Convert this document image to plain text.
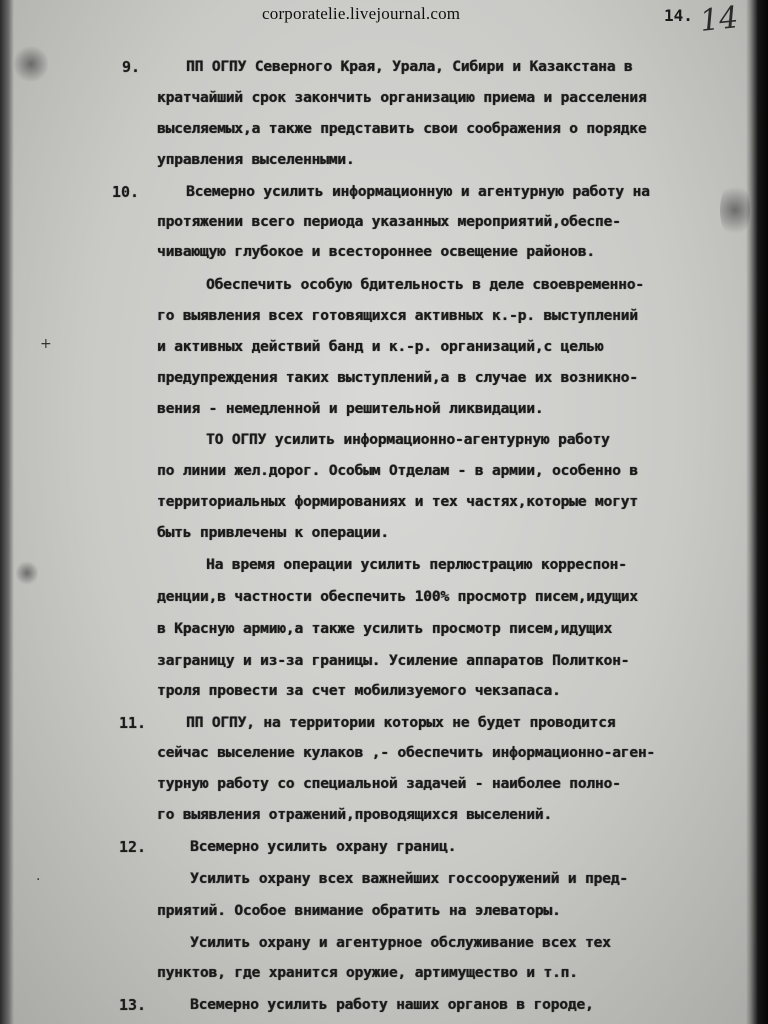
corporatelie.livejournal.com	14. 14
+
·
9.	ПП ОГПУ Северного Края, Урала, Сибири и Казакстана в
кратчайший срок закончить организацию приема и расселения
выселяемых,а также представить свои соображения о порядке
управления выселенными.
10.	Всемерно усилить информационную и агентурную работу на
протяжении всего периода указанных мероприятий,обеспе-
чивающую глубокое и всестороннее освещение районов.
Обеспечить особую бдительность в деле своевременно-
го выявления всех готовящихся активных к.-р. выступлений
и активных действий банд и к.-р. организаций,с целью
предупреждения таких выступлений,а в случае их возникно-
вения - немедленной и решительной ликвидации.
ТО ОГПУ усилить информационно-агентурную работу
по линии жел.дорог. Особым Отделам - в армии, особенно в
территориальных формированиях и тех частях,которые могут
быть привлечены к операции.
На время операции усилить перлюстрацию корреспон-
денции,в частности обеспечить 100% просмотр писем,идущих
в Красную армию,а также усилить просмотр писем,идущих
заграницу и из-за границы. Усиление аппаратов Политкон-
троля провести за счет мобилизуемого чекзапаса.
11.	ПП ОГПУ, на территории которых не будет проводится
сейчас выселение кулаков ,- обеспечить информационно-аген-
турную работу со специальной задачей - наиболее полно-
го выявления отражений,проводящихся выселений.
12.	Всемерно усилить охрану границ.
Усилить охрану всех важнейших госсооружений и пред-
приятий. Особое внимание обратить на элеваторы.
Усилить охрану и агентурное обслуживание всех тех
пунктов, где хранится оружие, артимущество и т.п.
13.	Всемерно усилить работу наших органов в городе,
